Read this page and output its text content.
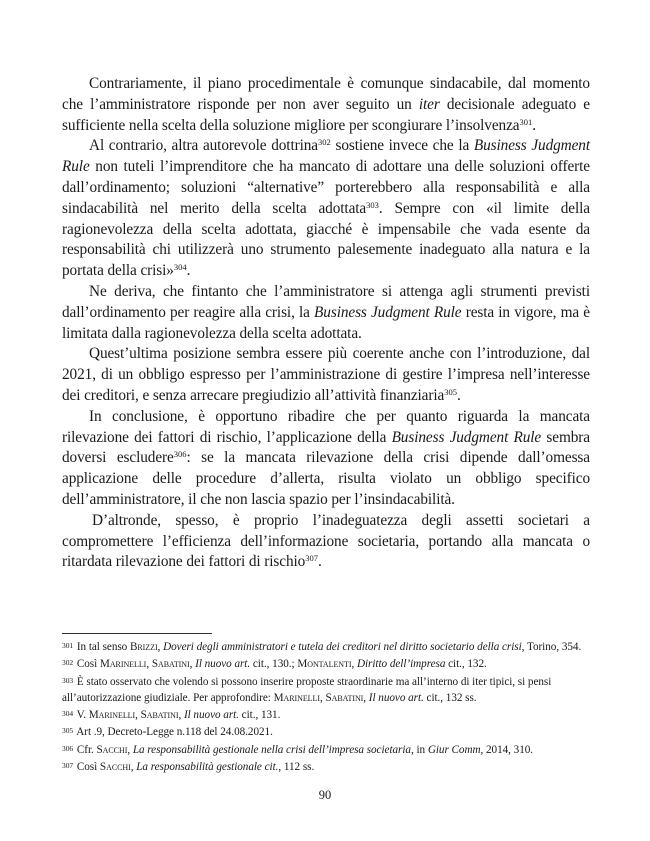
Contrariamente, il piano procedimentale è comunque sindacabile, dal momento che l’amministratore risponde per non aver seguito un iter decisionale adeguato e sufficiente nella scelta della soluzione migliore per scongiurare l’insolvenza$^{301}$.

Al contrario, altra autorevole dottrina$^{302}$ sostiene invece che la Business Judgment Rule non tuteli l’imprenditore che ha mancato di adottare una delle soluzioni offerte dall’ordinamento; soluzioni “alternative” porterebbero alla responsabilità e alla sindacabilità nel merito della scelta adottata$^{303}$. Sempre con «il limite della ragionevolezza della scelta adottata, giacché è impensabile che vada esente da responsabilità chi utilizzerà uno strumento palesemente inadeguato alla natura e la portata della crisi»$^{304}$.

Ne deriva, che fintanto che l’amministratore si attenga agli strumenti previsti dall’ordinamento per reagire alla crisi, la Business Judgment Rule resta in vigore, ma è limitata dalla ragionevolezza della scelta adottata.

Quest’ultima posizione sembra essere più coerente anche con l’introduzione, dal 2021, di un obbligo espresso per l’amministrazione di gestire l’impresa nell’interesse dei creditori, e senza arrecare pregiudizio all’attività finanziaria$^{305}$.

In conclusione, è opportuno ribadire che per quanto riguarda la mancata rilevazione dei fattori di rischio, l’applicazione della Business Judgment Rule sembra doversi escludere$^{306}$: se la mancata rilevazione della crisi dipende dall’omessa applicazione delle procedure d’allerta, risulta violato un obbligo specifico dell’amministratore, il che non lascia spazio per l’insindacabilità.

D’altronde, spesso, è proprio l’inadeguatezza degli assetti societari a compromettere l’efficienza dell’informazione societaria, portando alla mancata o ritardata rilevazione dei fattori di rischio$^{307}$.

301 In tal senso Brizzi, Doveri degli amministratori e tutela dei creditori nel diritto societario della crisi, Torino, 354.

302 Così Marinelli, Sabatini, Il nuovo art. cit., 130.; Montalenti, Diritto dell’impresa cit., 132.

303 È stato osservato che volendo si possono inserire proposte straordinarie ma all’interno di iter tipici, si pensi all’autorizzazione giudiziale. Per approfondire: Marinelli, Sabatini, Il nuovo art. cit., 132 ss.

304 V. Marinelli, Sabatini, Il nuovo art. cit., 131.

305 Art .9, Decreto-Legge n.118 del 24.08.2021.

306 Cfr. Sacchi, La responsabilità gestionale nella crisi dell’impresa societaria, in Giur Comm, 2014, 310.

307 Così Sacchi, La responsabilità gestionale cit., 112 ss.

90
